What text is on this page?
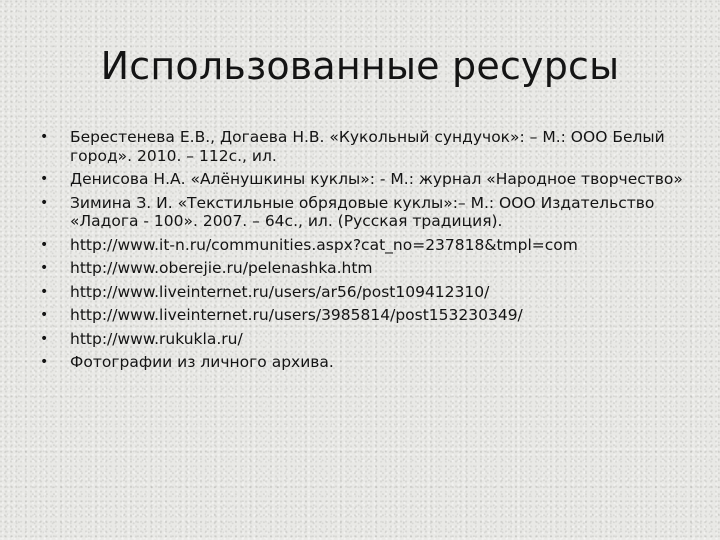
Использованные ресурсы
•	Берестенева Е.В., Догаева Н.В. «Кукольный сундучок»: – М.: ООО Белый город». 2010. – 112с., ил.
•	Денисова Н.А. «Алёнушкины куклы»: - М.: журнал «Народное творчество»
•	Зимина З. И. «Текстильные обрядовые куклы»:– М.: ООО Издательство «Ладога - 100». 2007. – 64с., ил. (Русская традиция).
•	http://www.it-n.ru/communities.aspx?cat_no=237818&tmpl=com
•	http://www.oberejie.ru/pelenashka.htm
•	http://www.liveinternet.ru/users/ar56/post109412310/
•	http://www.liveinternet.ru/users/3985814/post153230349/
•	http://www.rukukla.ru/
•	Фотографии из личного архива.
